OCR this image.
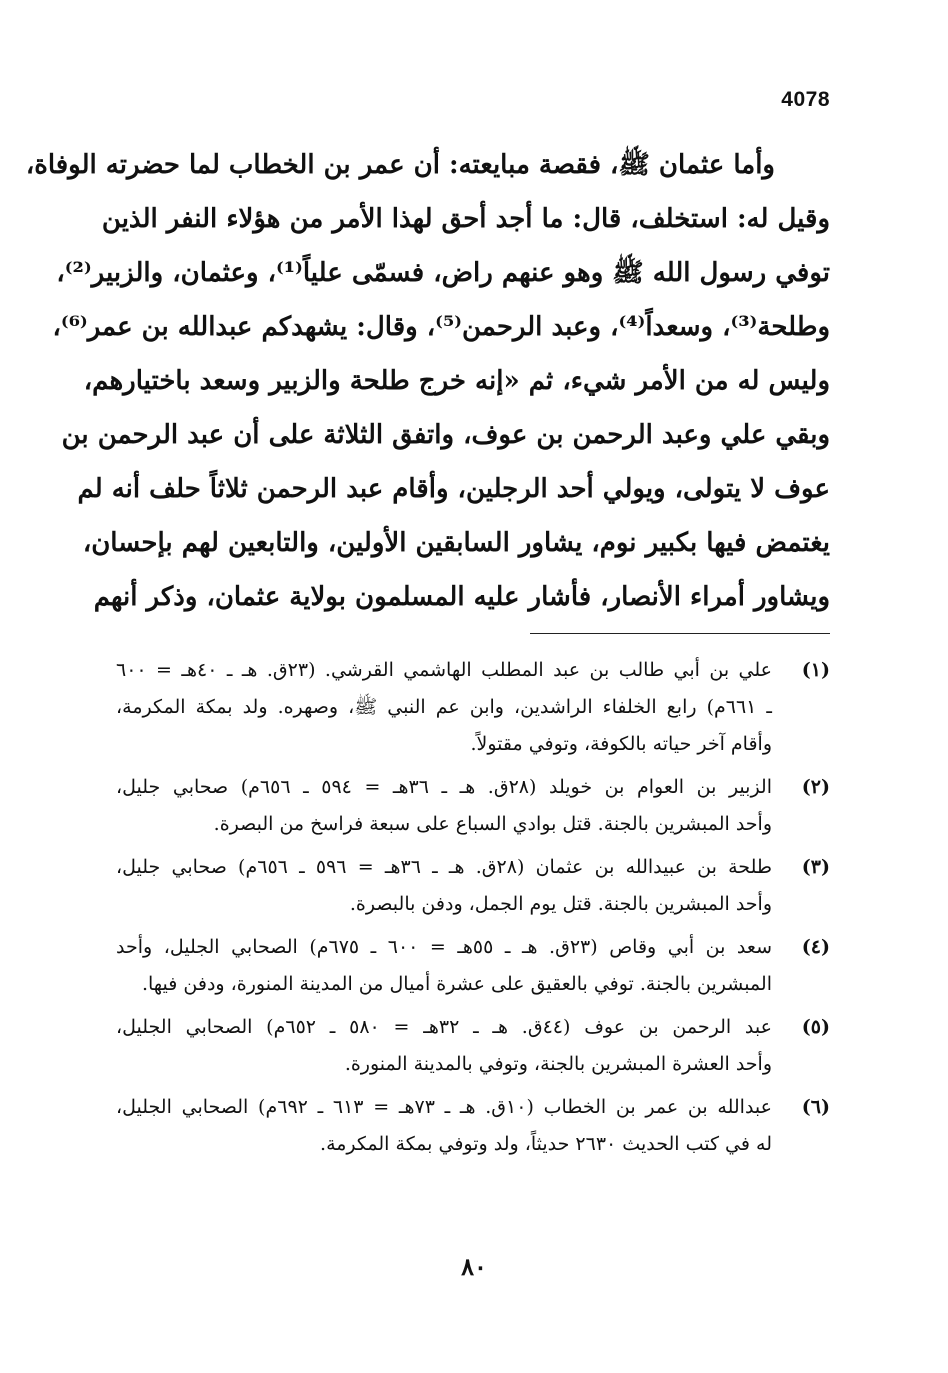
4078
وأما عثمان ﷺ، فقصة مبايعته: أن عمر بن الخطاب لما حضرته الوفاة،
وقيل له: استخلف، قال: ما أجد أحق لهذا الأمر من هؤلاء النفر الذين
توفي رسول الله ﷺ وهو عنهم راض، فسمّى علياً⁽¹⁾، وعثمان، والزبير⁽²⁾،
وطلحة⁽³⁾، وسعداً⁽⁴⁾، وعبد الرحمن⁽⁵⁾، وقال: يشهدكم عبدالله بن عمر⁽⁶⁾،
وليس له من الأمر شيء، ثم «إنه خرج طلحة والزبير وسعد باختيارهم،
وبقي علي وعبد الرحمن بن عوف، واتفق الثلاثة على أن عبد الرحمن بن
عوف لا يتولى، ويولي أحد الرجلين، وأقام عبد الرحمن ثلاثاً حلف أنه لم
يغتمض فيها بكبير نوم، يشاور السابقين الأولين، والتابعين لهم بإحسان،
ويشاور أمراء الأنصار، فأشار عليه المسلمون بولاية عثمان، وذكر أنهم
(١)
علي بن أبي طالب بن عبد المطلب الهاشمي القرشي. (٢٣ق. هـ ـ ٤٠هـ = ٦٠٠
ـ ٦٦١م) رابع الخلفاء الراشدين، وابن عم النبي ﷺ، وصهره. ولد بمكة المكرمة،
وأقام آخر حياته بالكوفة، وتوفي مقتولاً.
(٢)
الزبير بن العوام بن خويلد (٢٨ق. هـ ـ ٣٦هـ = ٥٩٤ ـ ٦٥٦م) صحابي جليل،
وأحد المبشرين بالجنة. قتل بوادي السباع على سبعة فراسخ من البصرة.
(٣)
طلحة بن عبيدالله بن عثمان (٢٨ق. هـ ـ ٣٦هـ = ٥٩٦ ـ ٦٥٦م) صحابي جليل،
وأحد المبشرين بالجنة. قتل يوم الجمل، ودفن بالبصرة.
(٤)
سعد بن أبي وقاص (٢٣ق. هـ ـ ٥٥هـ = ٦٠٠ ـ ٦٧٥م) الصحابي الجليل، وأحد
المبشرين بالجنة. توفي بالعقيق على عشرة أميال من المدينة المنورة، ودفن فيها.
(٥)
عبد الرحمن بن عوف (٤٤ق. هـ ـ ٣٢هـ = ٥٨٠ ـ ٦٥٢م) الصحابي الجليل،
وأحد العشرة المبشرين بالجنة، وتوفي بالمدينة المنورة.
(٦)
عبدالله بن عمر بن الخطاب (١٠ق. هـ ـ ٧٣هـ = ٦١٣ ـ ٦٩٢م) الصحابي الجليل،
له في كتب الحديث ٢٦٣٠ حديثاً، ولد وتوفي بمكة المكرمة.
٨٠
